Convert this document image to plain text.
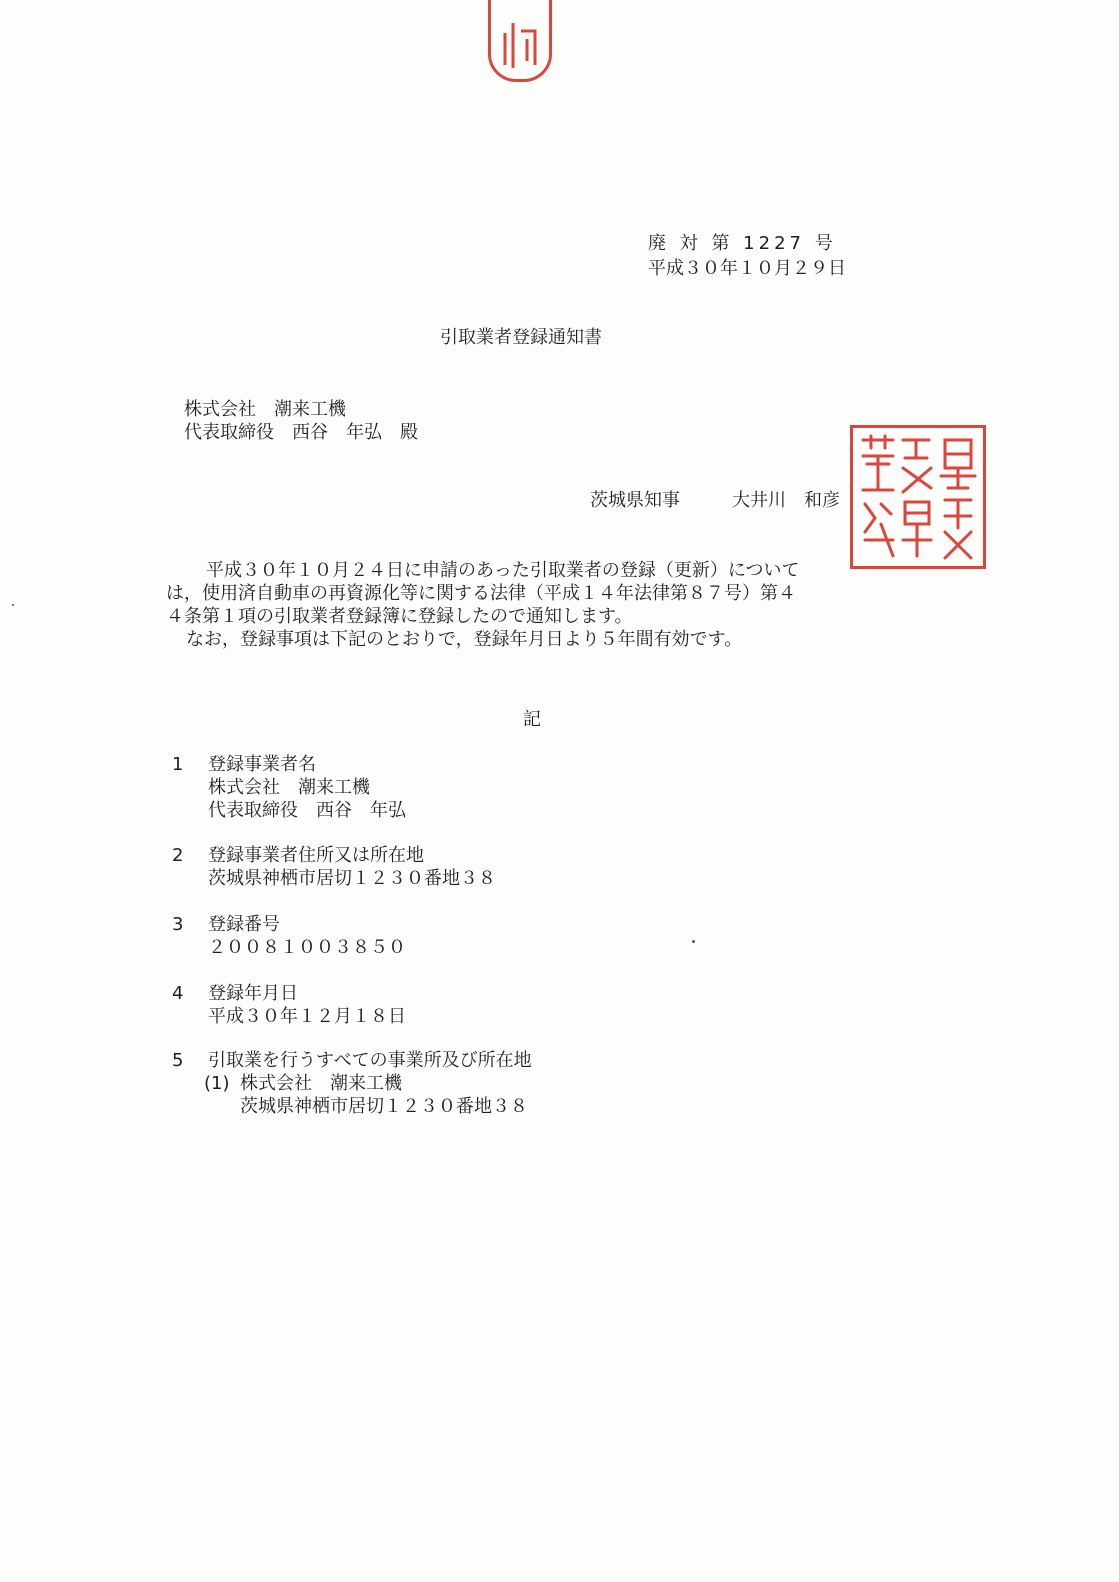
廃 対 第 1227 号
平成３０年１０月２９日
引取業者登録通知書
株式会社　潮来工機
代表取締役　西谷　年弘　殿
茨城県知事	大井川　和彦
平成３０年１０月２４日に申請のあった引取業者の登録（更新）について
は，使用済自動車の再資源化等に関する法律（平成１４年法律第８７号）第４
４条第１項の引取業者登録簿に登録したので通知します。
なお，登録事項は下記のとおりで，登録年月日より５年間有効です。
記
1 登録事業者名
株式会社　潮来工機
代表取締役　西谷　年弘
2 登録事業者住所又は所在地
茨城県神栖市居切１２３０番地３８
3 登録番号
２００８１００３８５０
4 登録年月日
平成３０年１２月１８日
5 引取業を行うすべての事業所及び所在地
(1) 株式会社　潮来工機
茨城県神栖市居切１２３０番地３８
